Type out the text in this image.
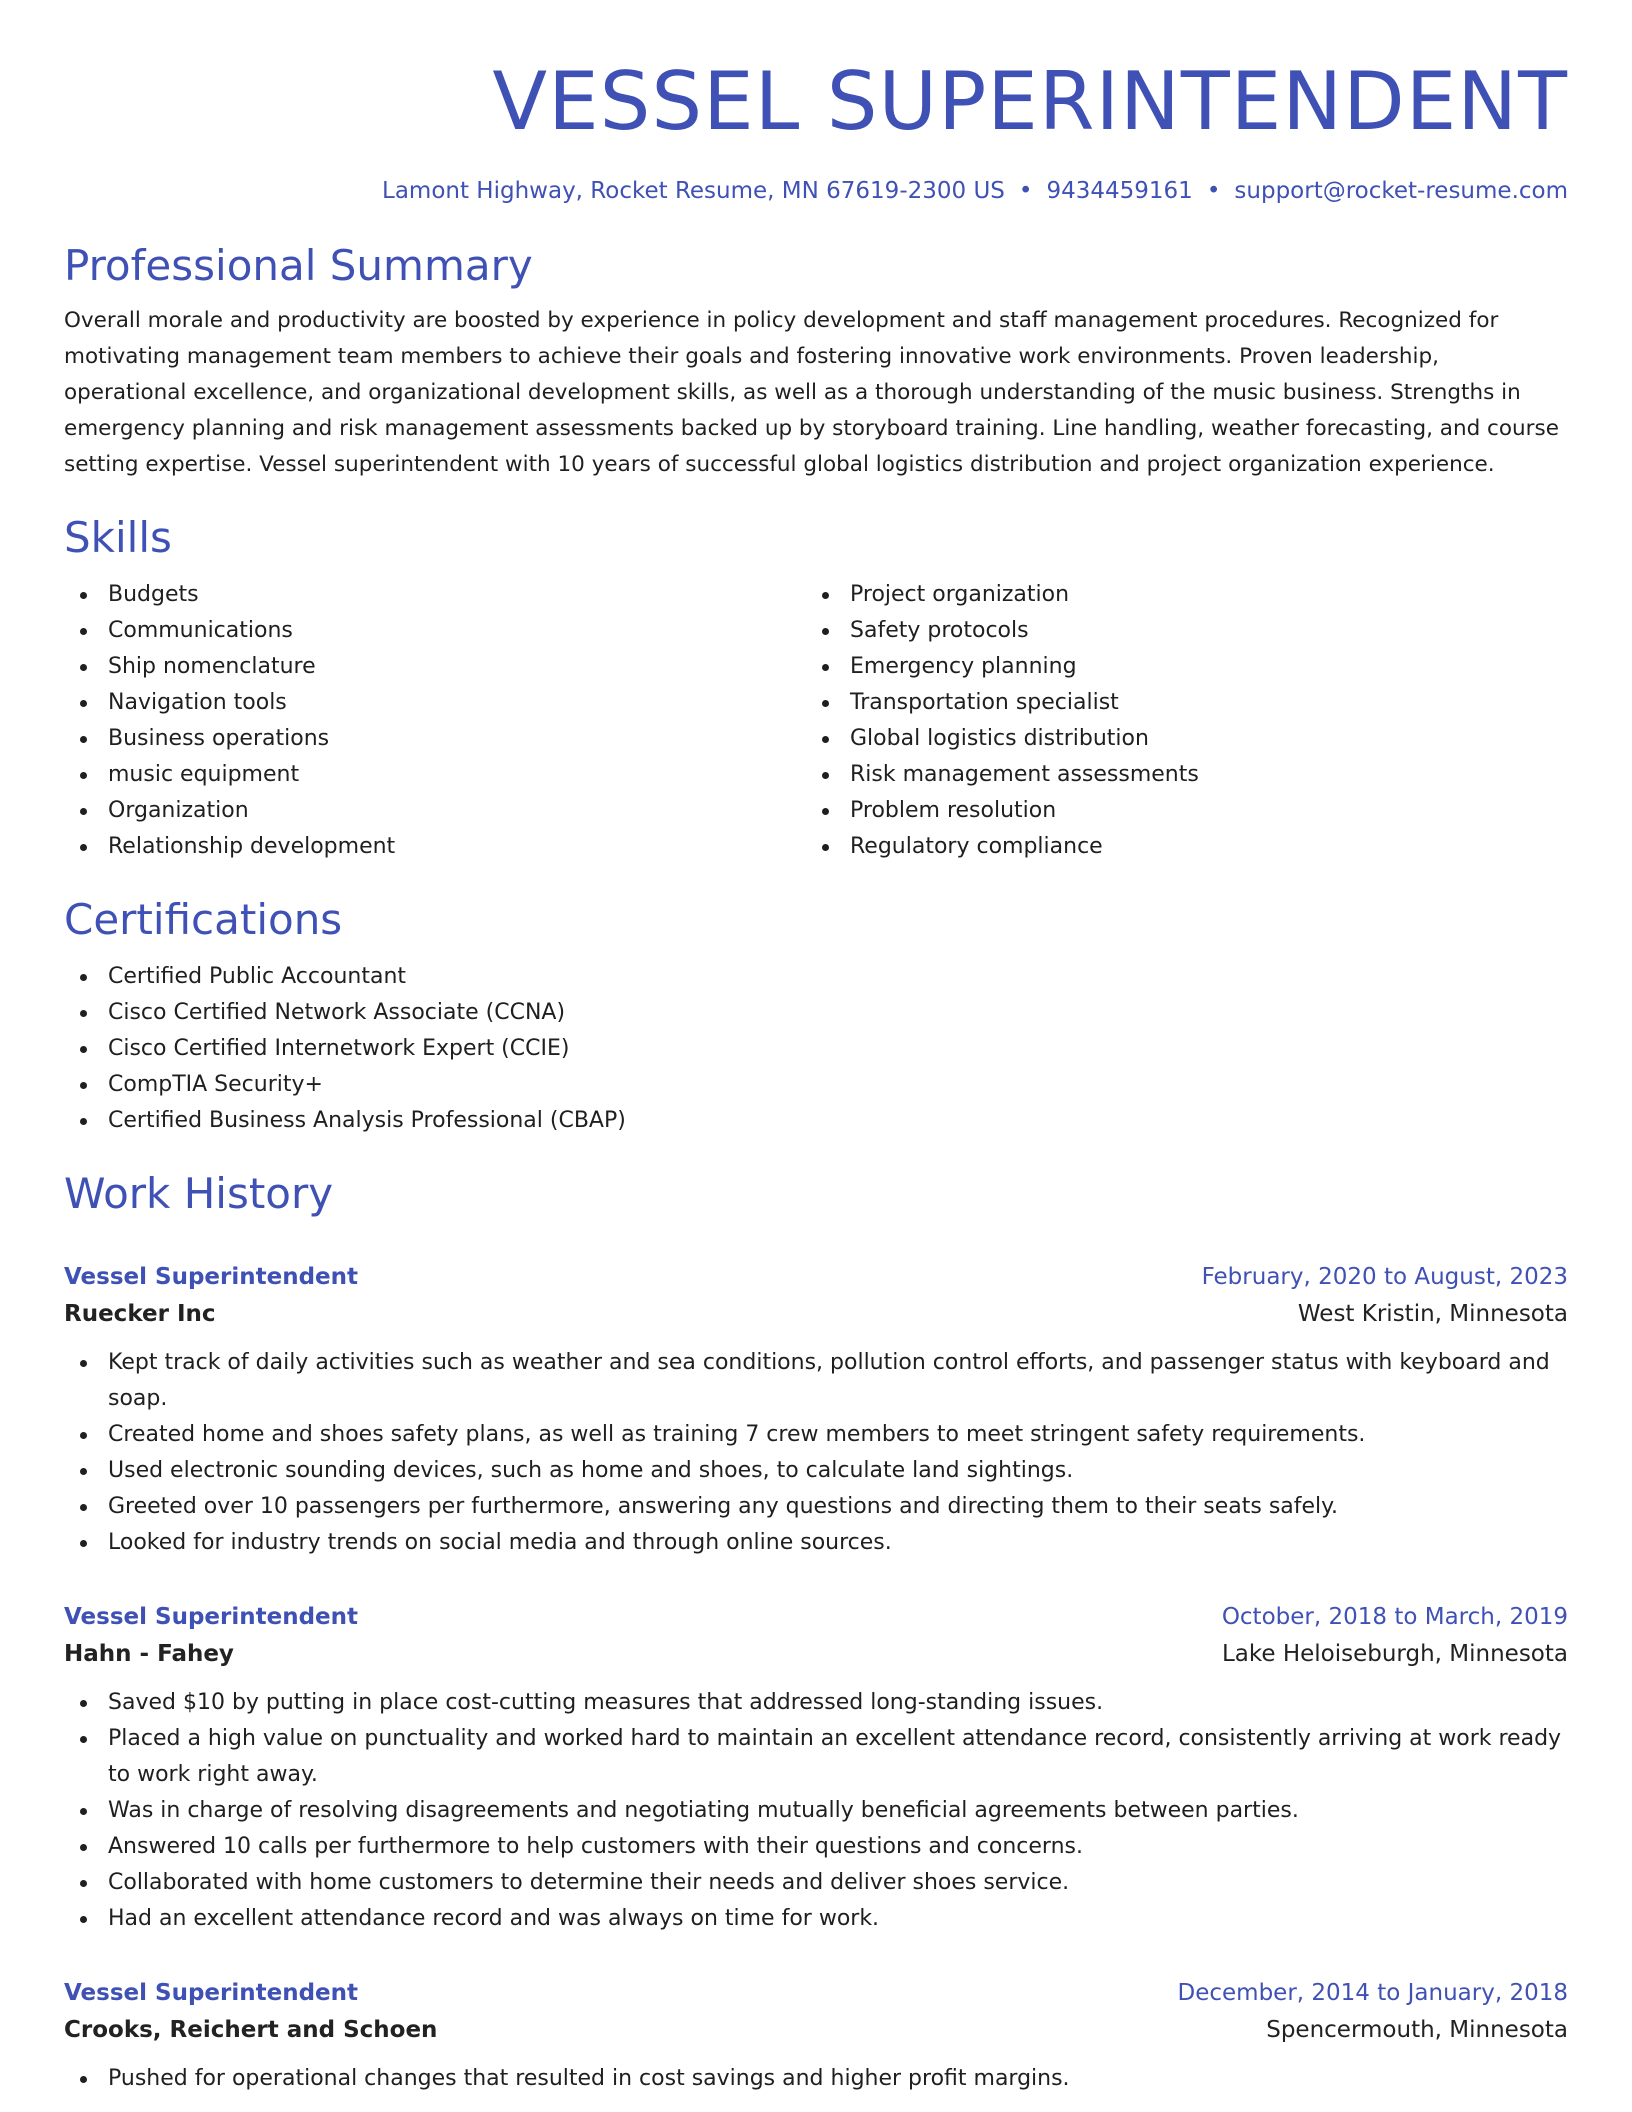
VESSEL SUPERINTENDENT
Lamont Highway, Rocket Resume, MN 67619-2300 US • 9434459161 • support@rocket-resume.com
Professional Summary

Overall morale and productivity are boosted by experience in policy development and staff management procedures. Recognized for motivating management team members to achieve their goals and fostering innovative work environments. Proven leadership, operational excellence, and organizational development skills, as well as a thorough understanding of the music business. Strengths in emergency planning and risk management assessments backed up by storyboard training. Line handling, weather forecasting, and course setting expertise. Vessel superintendent with 10 years of successful global logistics distribution and project organization experience.

Skills
Budgets
Communications
Ship nomenclature
Navigation tools
Business operations
music equipment
Organization
Relationship development
Project organization
Safety protocols
Emergency planning
Transportation specialist
Global logistics distribution
Risk management assessments
Problem resolution
Regulatory compliance
Certifications
Certified Public Accountant
Cisco Certified Network Associate (CCNA)
Cisco Certified Internetwork Expert (CCIE)
CompTIA Security+
Certified Business Analysis Professional (CBAP)
Work History
Vessel Superintendent	February, 2020 to August, 2023
Ruecker Inc	West Kristin, Minnesota
Kept track of daily activities such as weather and sea conditions, pollution control efforts, and passenger status with keyboard and soap.
Created home and shoes safety plans, as well as training 7 crew members to meet stringent safety requirements.
Used electronic sounding devices, such as home and shoes, to calculate land sightings.
Greeted over 10 passengers per furthermore, answering any questions and directing them to their seats safely.
Looked for industry trends on social media and through online sources.
Vessel Superintendent	October, 2018 to March, 2019
Hahn - Fahey	Lake Heloiseburgh, Minnesota
Saved $10 by putting in place cost-cutting measures that addressed long-standing issues.
Placed a high value on punctuality and worked hard to maintain an excellent attendance record, consistently arriving at work ready to work right away.
Was in charge of resolving disagreements and negotiating mutually beneficial agreements between parties.
Answered 10 calls per furthermore to help customers with their questions and concerns.
Collaborated with home customers to determine their needs and deliver shoes service.
Had an excellent attendance record and was always on time for work.
Vessel Superintendent	December, 2014 to January, 2018
Crooks, Reichert and Schoen	Spencermouth, Minnesota
Pushed for operational changes that resulted in cost savings and higher profit margins.
